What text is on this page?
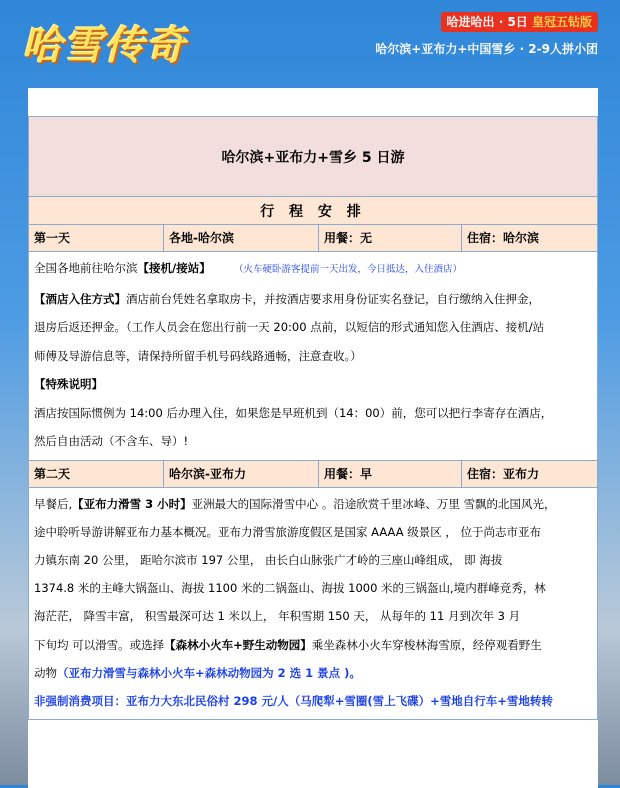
哈雪传奇	哈进哈出 · 5日 皇冠五钻版
哈尔滨+亚布力+中国雪乡 · 2-9人拼小团
哈尔滨+亚布力+雪乡 5 日游
行 程 安 排
第一天	各地-哈尔滨	用餐：无	住宿：哈尔滨
全国各地前往哈尔滨【接机/接站】	（火车硬卧游客提前一天出发，今日抵达，入住酒店）
【酒店入住方式】酒店前台凭姓名拿取房卡，并按酒店要求用身份证实名登记，自行缴纳入住押金，
退房后返还押金。（工作人员会在您出行前一天 20:00 点前，以短信的形式通知您入住酒店、接机/站
师傅及导游信息等，请保持所留手机号码线路通畅，注意查收。）
【特殊说明】
酒店按国际惯例为 14:00 后办理入住，如果您是早班机到（14：00）前，您可以把行李寄存在酒店，
然后自由活动（不含车、导）!
第二天	哈尔滨-亚布力	用餐：早	住宿：亚布力
早餐后,【亚布力滑雪 3 小时】亚洲最大的国际滑雪中心 。沿途欣赏千里冰峰、万里 雪飘的北国风光，
途中聆听导游讲解亚布力基本概况。亚布力滑雪旅游度假区是国家 AAAA 级景区 ， 位于尚志市亚布
力镇东南 20 公里， 距哈尔滨市 197 公里， 由长白山脉张广才岭的三座山峰组成， 即 海拔
1374.8 米的主峰大锅盔山、海拔 1100 米的二锅盔山、海拔 1000 米的三锅盔山,境内群峰竞秀，林
海茫茫， 降雪丰富， 积雪最深可达 1 米以上， 年积雪期 150 天， 从每年的 11 月到次年 3 月
下旬均 可以滑雪。或选择【森林小火车+野生动物园】乘坐森林小火车穿梭林海雪原，经停观看野生
动物（亚布力滑雪与森林小火车+森林动物园为 2 选 1 景点 )。
非强制消费项目：亚布力大东北民俗村 298 元/人（马爬犁+雪圈(雪上飞碟）+雪地自行车+雪地转转
